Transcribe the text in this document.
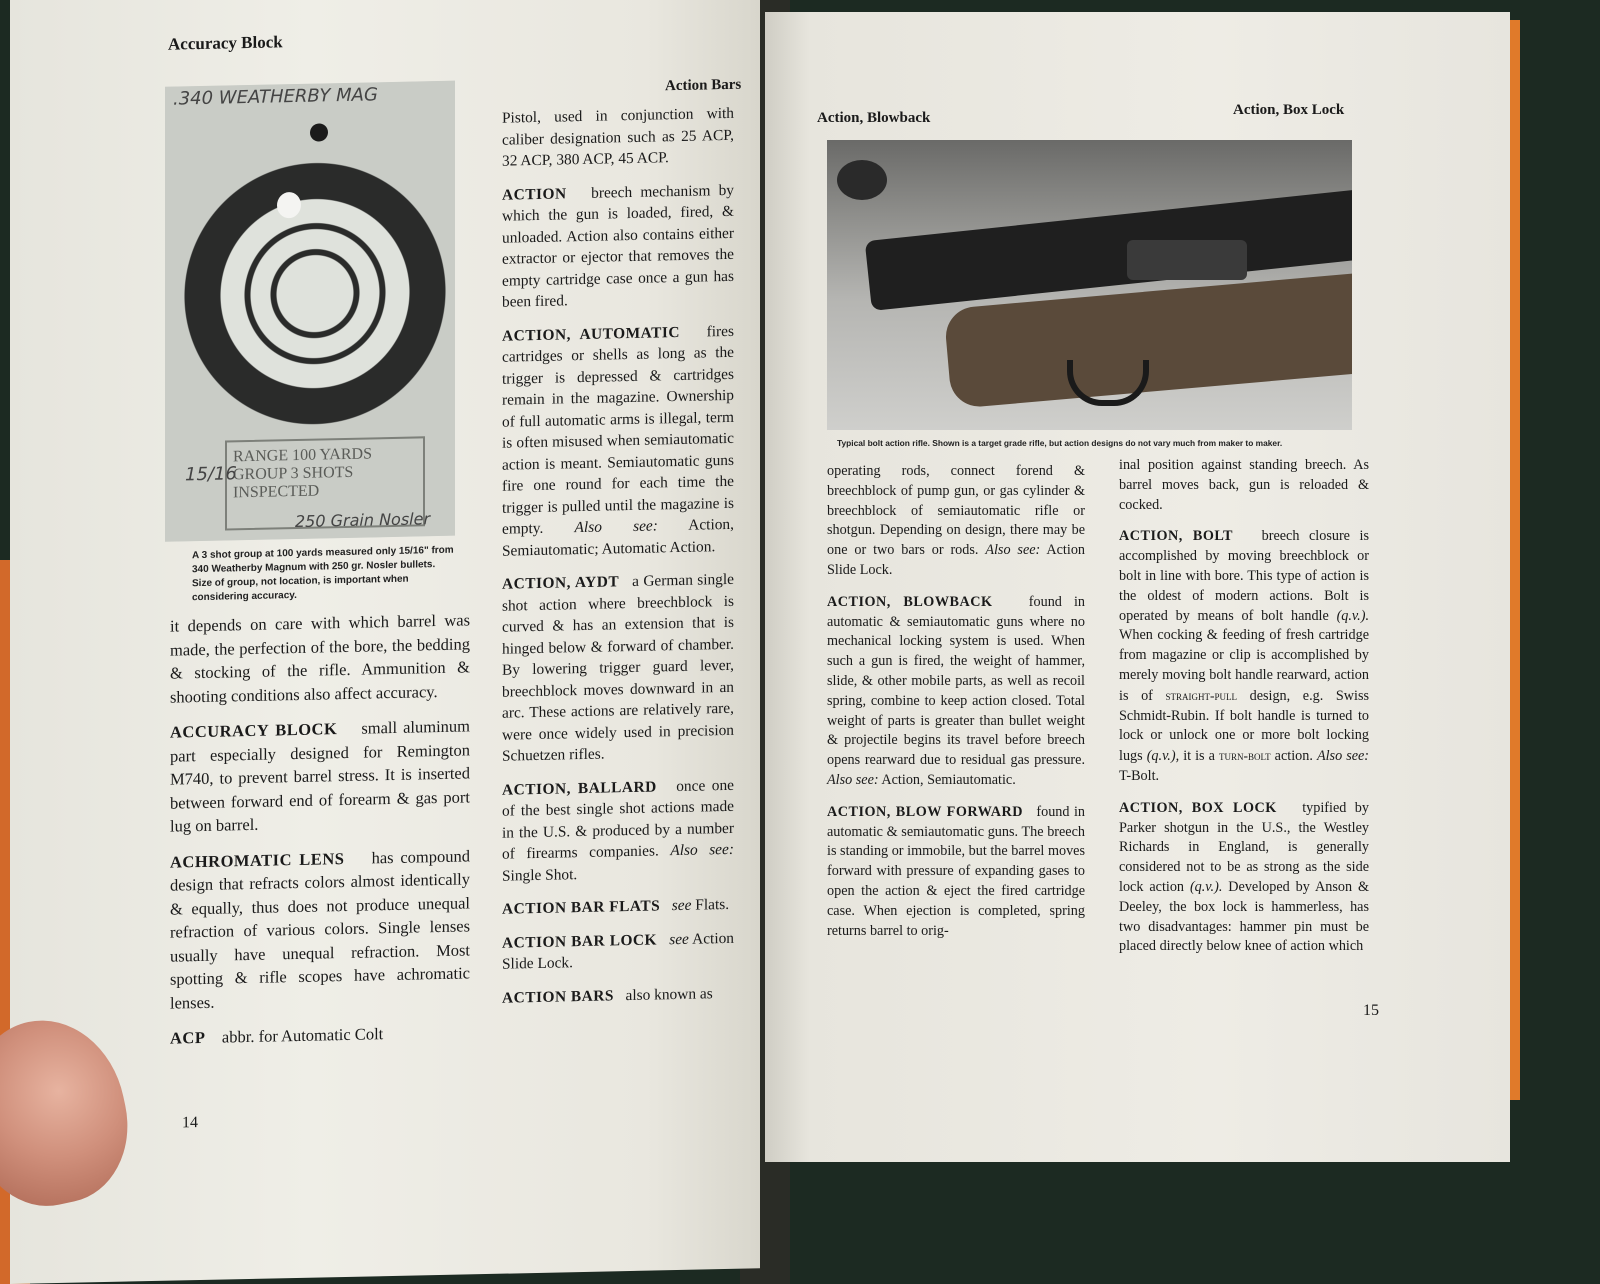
Accuracy Block
Action Bars
.340 WEATHERBY MAG
RANGE 100 YARDS
GROUP 3 SHOTS
INSPECTED
15/16
250 Grain Nosler
A 3 shot group at 100 yards measured only 15/16" from 340 Weatherby Magnum with 250 gr. Nosler bullets. Size of group, not location, is important when considering accuracy.

it depends on care with which barrel was made, the perfection of the bore, the bedding & stocking of the rifle. Ammunition & shooting conditions also affect accuracy.

ACCURACY BLOCK small aluminum part especially designed for Remington M740, to prevent barrel stress. It is inserted between forward end of forearm & gas port lug on barrel.

ACHROMATIC LENS has compound design that refracts colors almost identically & equally, thus does not produce unequal refraction of various colors. Single lenses usually have unequal refraction. Most spotting & rifle scopes have achromatic lenses.

ACP abbr. for Automatic Colt

Pistol, used in conjunction with caliber designation such as 25 ACP, 32 ACP, 380 ACP, 45 ACP.

ACTION breech mechanism by which the gun is loaded, fired, & unloaded. Action also contains either extractor or ejector that removes the empty cartridge case once a gun has been fired.

ACTION, AUTOMATIC fires cartridges or shells as long as the trigger is depressed & cartridges remain in the magazine. Ownership of full automatic arms is illegal, term is often misused when semiautomatic action is meant. Semiautomatic guns fire one round for each time the trigger is pulled until the magazine is empty. Also see: Action, Semiautomatic; Automatic Action.

ACTION, AYDT a German single shot action where breechblock is curved & has an extension that is hinged below & forward of chamber. By lowering trigger guard lever, breechblock moves downward in an arc. These actions are relatively rare, were once widely used in precision Schuetzen rifles.

ACTION, BALLARD once one of the best single shot actions made in the U.S. & produced by a number of firearms companies. Also see: Single Shot.

ACTION BAR FLATS see Flats.

ACTION BAR LOCK see Action Slide Lock.

ACTION BARS also known as

14
Action, Blowback	Action, Box Lock
Typical bolt action rifle. Shown is a target grade rifle, but action designs do not vary much from maker to maker.

operating rods, connect forend & breechblock of pump gun, or gas cylinder & breechblock of semiautomatic rifle or shotgun. Depending on design, there may be one or two bars or rods. Also see: Action Slide Lock.

ACTION, BLOWBACK	found in automatic & semiautomatic guns where no mechanical locking system is used. When such a gun is fired, the weight of hammer, slide, & other mobile parts, as well as recoil spring, combine to keep action closed. Total weight of parts is greater than bullet weight & projectile begins its travel before breech opens rearward due to residual gas pressure. Also see: Action, Semiautomatic.

ACTION, BLOW FORWARD found in automatic & semiautomatic guns. The breech is standing or immobile, but the barrel moves forward with pressure of expanding gases to open the action & eject the fired cartridge case. When ejection is completed, spring returns barrel to orig-

inal position against standing breech. As barrel moves back, gun is reloaded & cocked.

ACTION, BOLT breech closure is accomplished by moving breechblock or bolt in line with bore. This type of action is the oldest of modern actions. Bolt is operated by means of bolt handle (q.v.). When cocking & feeding of fresh cartridge from magazine or clip is accomplished by merely moving bolt handle rearward, action is of straight-pull design, e.g. Swiss Schmidt-Rubin. If bolt handle is turned to lock or unlock one or more bolt locking lugs (q.v.), it is a turn-bolt action. Also see: T-Bolt.

ACTION, BOX LOCK typified by Parker shotgun in the U.S., the Westley Richards in England, is generally considered not to be as strong as the side lock action (q.v.). Developed by Anson & Deeley, the box lock is hammerless, has two disadvantages: hammer pin must be placed directly below knee of action which

15
